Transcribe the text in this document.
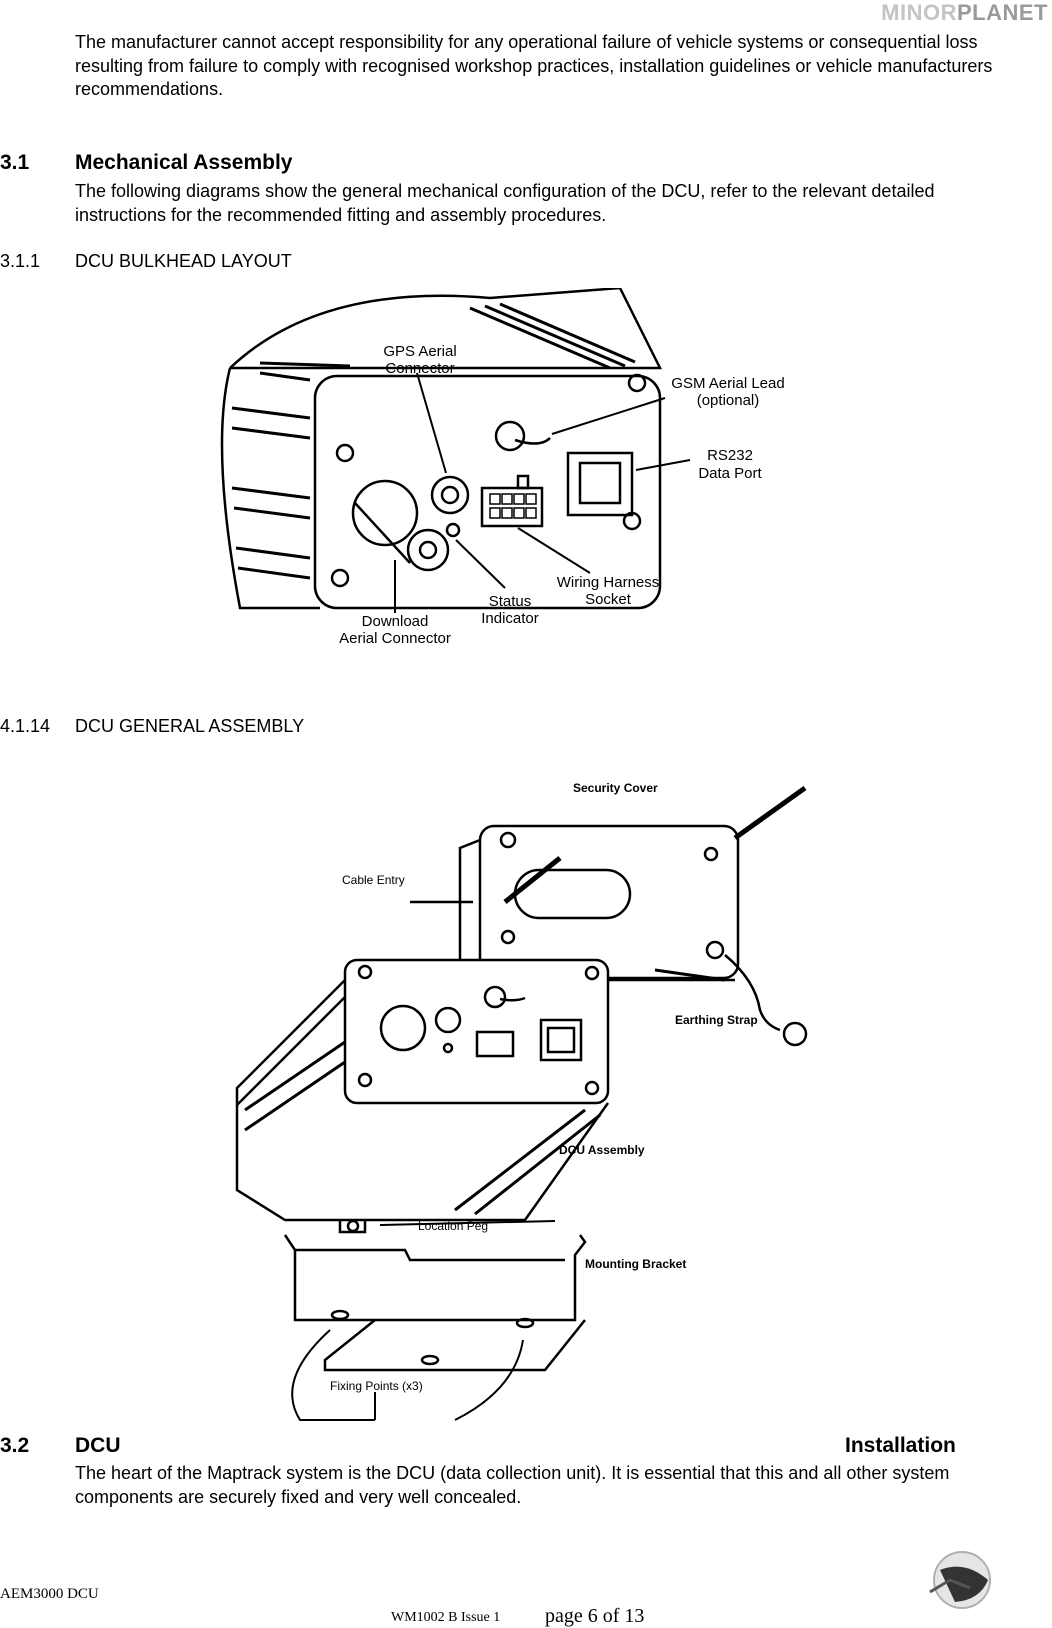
MINORPLANET
The manufacturer cannot accept responsibility for any operational failure of vehicle systems or consequential loss resulting from failure to comply with recognised workshop practices, installation guidelines or vehicle manufacturers recommendations.
3.1 Mechanical Assembly
The following diagrams show the general mechanical configuration of the DCU, refer to the relevant detailed instructions for the recommended fitting and assembly procedures.
3.1.1 DCU BULKHEAD LAYOUT
GPS Aerial
Connector
GSM Aerial Lead
(optional)
RS232
Data Port
Wiring Harness
Socket
Status
Indicator
Download
Aerial Connector
4.1.14 DCU GENERAL ASSEMBLY
Security Cover
Cable Entry
Earthing Strap
DCU Assembly
Location Peg
Mounting Bracket
Fixing Points (x3)
3.2 DCU	Installation
The heart of the Maptrack system is the DCU (data collection unit). It is essential that this and all other system components are securely fixed and very well concealed.
AEM3000 DCU
WM1002 B Issue 1 page 6 of 13
